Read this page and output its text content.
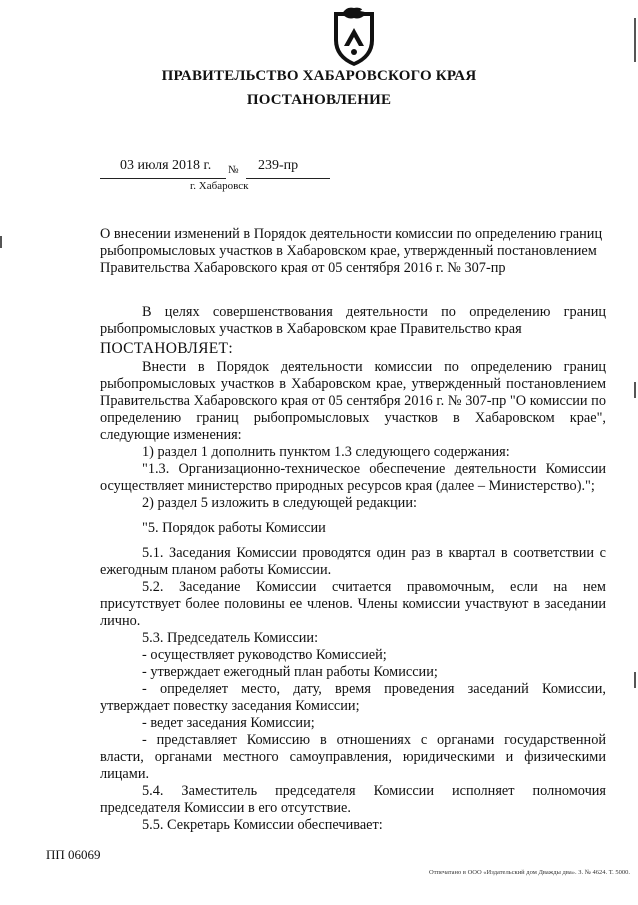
ПРАВИТЕЛЬСТВО ХАБАРОВСКОГО КРАЯ
ПОСТАНОВЛЕНИЕ
03 июля 2018 г. № 239-пр
г. Хабаровск
О внесении изменений в Порядок деятельности комиссии по определению границ рыбопромысловых участков в Хабаровском крае, утвержденный постановлением Правительства Хабаровского края от 05 сентября 2016 г. № 307-пр

В целях совершенствования деятельности по определению границ рыбопромысловых участков в Хабаровском крае Правительство края

ПОСТАНОВЛЯЕТ:

Внести в Порядок деятельности комиссии по определению границ рыбопромысловых участков в Хабаровском крае, утвержденный постановлением Правительства Хабаровского края от 05 сентября 2016 г. № 307-пр "О комиссии по определению границ рыбопромысловых участков в Хабаровском крае", следующие изменения:

1) раздел 1 дополнить пунктом 1.3 следующего содержания:

"1.3. Организационно-техническое обеспечение деятельности Комиссии осуществляет министерство природных ресурсов края (далее – Министерство).";

2) раздел 5 изложить в следующей редакции:

"5. Порядок работы Комиссии

5.1. Заседания Комиссии проводятся один раз в квартал в соответствии с ежегодным планом работы Комиссии.

5.2. Заседание Комиссии считается правомочным, если на нем присутствует более половины ее членов. Члены комиссии участвуют в заседании лично.

5.3. Председатель Комиссии:

- осуществляет руководство Комиссией;

- утверждает ежегодный план работы Комиссии;

- определяет место, дату, время проведения заседаний Комиссии, утверждает повестку заседания Комиссии;

- ведет заседания Комиссии;

- представляет Комиссию в отношениях с органами государственной власти, органами местного самоуправления, юридическими и физическими лицами.

5.4. Заместитель председателя Комиссии исполняет полномочия председателя Комиссии в его отсутствие.

5.5. Секретарь Комиссии обеспечивает:

ПП 06069
Отпечатано в ООО «Издательский дом Дважды два». З. № 4624. Т. 5000.
